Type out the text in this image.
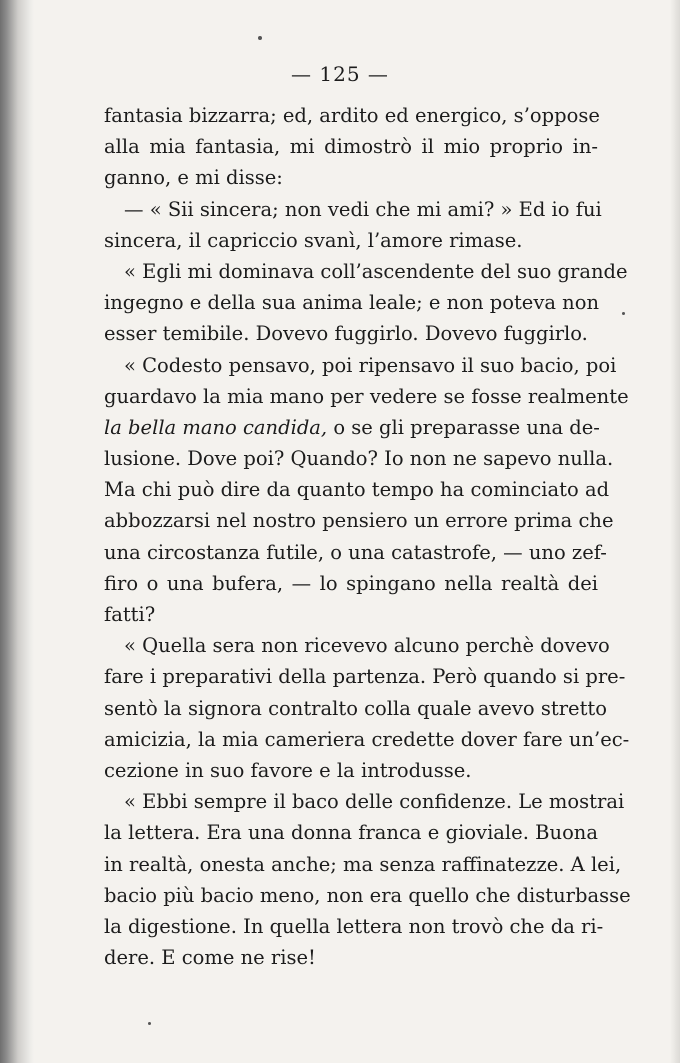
— 125 —
fantasia bizzarra; ed, ardito ed energico, s’oppose
alla mia fantasia, mi dimostrò il mio proprio in-
ganno, e mi disse:
— « Sii sincera; non vedi che mi ami? » Ed io fui
sincera, il capriccio svanì, l’amore rimase.
« Egli mi dominava coll’ascendente del suo grande
ingegno e della sua anima leale; e non poteva non
esser temibile. Dovevo fuggirlo. Dovevo fuggirlo.
« Codesto pensavo, poi ripensavo il suo bacio, poi
guardavo la mia mano per vedere se fosse realmente
la bella mano candida, o se gli preparasse una de-
lusione. Dove poi? Quando? Io non ne sapevo nulla.
Ma chi può dire da quanto tempo ha cominciato ad
abbozzarsi nel nostro pensiero un errore prima che
una circostanza futile, o una catastrofe, — uno zef-
firo o una bufera, — lo spingano nella realtà dei
fatti?
« Quella sera non ricevevo alcuno perchè dovevo
fare i preparativi della partenza. Però quando si pre-
sentò la signora contralto colla quale avevo stretto
amicizia, la mia cameriera credette dover fare un’ec-
cezione in suo favore e la introdusse.
« Ebbi sempre il baco delle confidenze. Le mostrai
la lettera. Era una donna franca e gioviale. Buona
in realtà, onesta anche; ma senza raffinatezze. A lei,
bacio più bacio meno, non era quello che disturbasse
la digestione. In quella lettera non trovò che da ri-
dere. E come ne rise!
